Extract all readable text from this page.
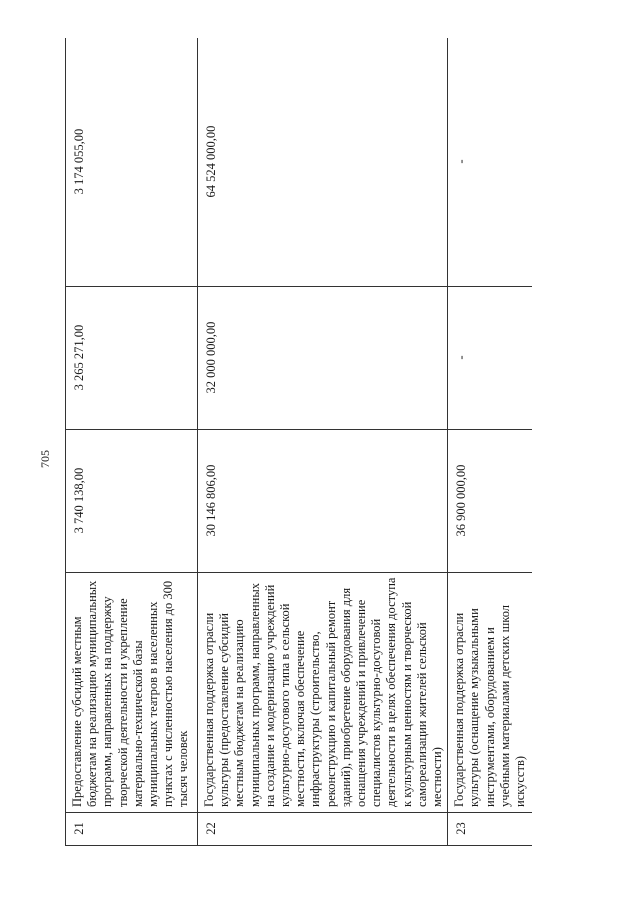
705
21	Предоставление субсидий местным бюджетам на реализацию муниципальных программ, направленных на поддержку творческой деятельности и укрепление материально-технической базы муниципальных театров в населенных пунктах с численностью населения до 300 тысяч человек	3 740 138,00	3 265 271,00	3 174 055,00
22	Государственная поддержка отрасли культуры (предоставление субсидий местным бюджетам на реализацию муниципальных программ, направленных на создание и модернизацию учреждений культурно-досугового типа в сельской местности, включая обеспечение инфраструктуры (строительство, реконструкцию и капитальный ремонт зданий), приобретение оборудования для оснащения учреждений и привлечение специалистов культурно-досуговой деятельности в целях обеспечения доступа к культурным ценностям и творческой самореализации жителей сельской местности)	30 146 806,00	32 000 000,00	64 524 000,00
23	Государственная поддержка отрасли культуры (оснащение музыкальными инструментами, оборудованием и учебными материалами детских школ искусств)	36 900 000,00	-	-
